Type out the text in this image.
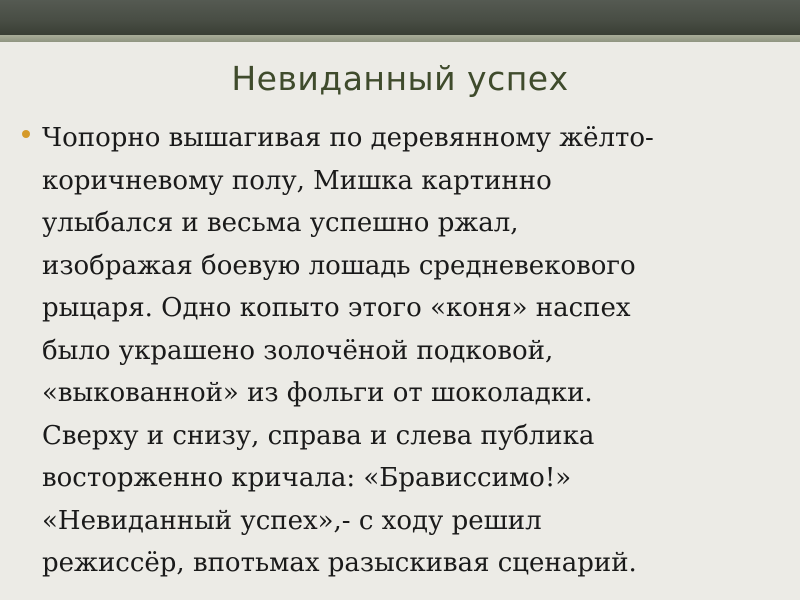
Невиданный успех

Чопорно вышагивая по деревянному жёлто-
коричневому полу, Мишка картинно
улыбался и весьма успешно ржал,
изображая боевую лошадь средневекового
рыцаря. Одно копыто этого «коня» наспех
было украшено золочёной подковой,
«выкованной» из фольги от шоколадки.
Сверху и снизу, справа и слева публика
восторженно кричала: «Брависсимо!»
«Невиданный успех»,- с ходу решил
режиссёр, впотьмах разыскивая сценарий.
